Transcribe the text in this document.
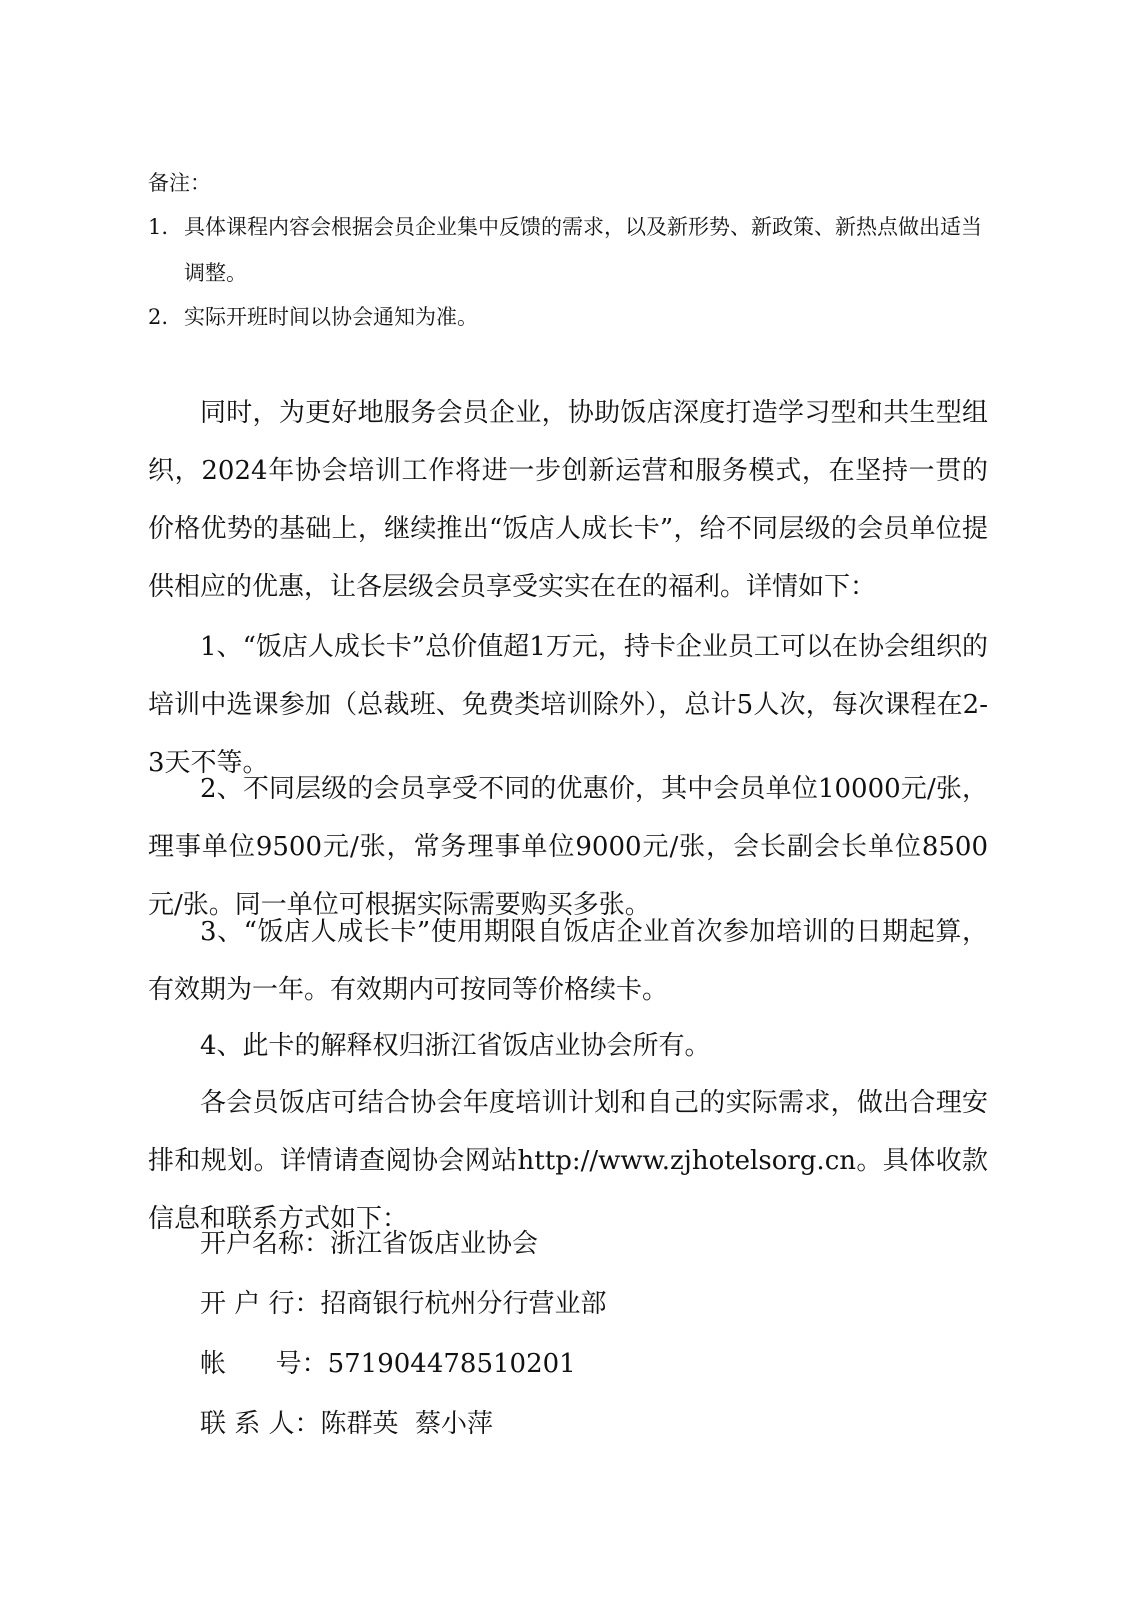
备注：
1. 具体课程内容会根据会员企业集中反馈的需求，以及新形势、新政策、新热点做出适当调整。
2. 实际开班时间以协会通知为准。
同时，为更好地服务会员企业，协助饭店深度打造学习型和共生型组织，2024年协会培训工作将进一步创新运营和服务模式，在坚持一贯的价格优势的基础上，继续推出“饭店人成长卡”，给不同层级的会员单位提供相应的优惠，让各层级会员享受实实在在的福利。详情如下：
1、“饭店人成长卡”总价值超1万元，持卡企业员工可以在协会组织的培训中选课参加（总裁班、免费类培训除外），总计5人次，每次课程在2-3天不等。
2、不同层级的会员享受不同的优惠价，其中会员单位10000元/张，理事单位9500元/张，常务理事单位9000元/张，会长副会长单位8500元/张。同一单位可根据实际需要购买多张。
3、“饭店人成长卡”使用期限自饭店企业首次参加培训的日期起算，有效期为一年。有效期内可按同等价格续卡。
4、此卡的解释权归浙江省饭店业协会所有。
各会员饭店可结合协会年度培训计划和自己的实际需求，做出合理安排和规划。详情请查阅协会网站http://www.zjhotelsorg.cn。具体收款信息和联系方式如下：
开户名称：浙江省饭店业协会
开 户 行：招商银行杭州分行营业部
帐      号：571904478510201
联 系 人：陈群英  蔡小萍
